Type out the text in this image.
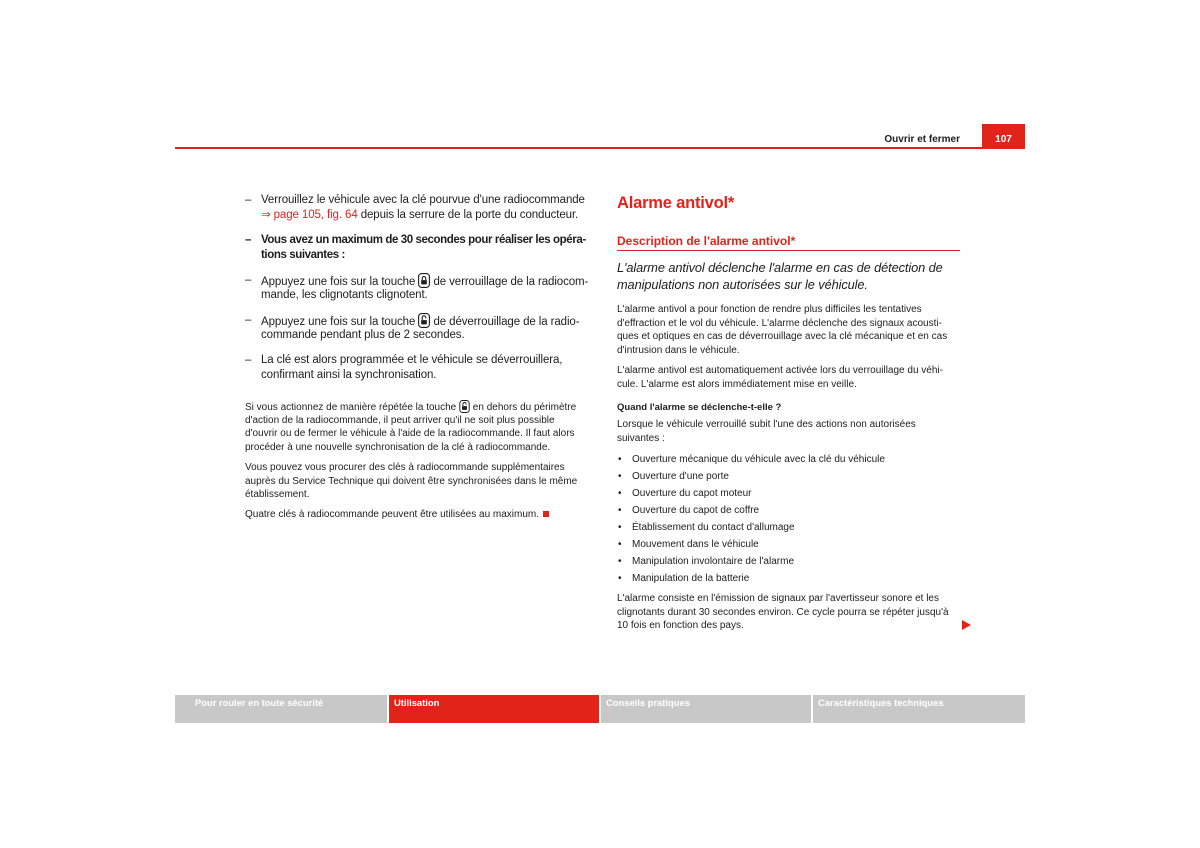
Ouvrir et fermer	107
– Verrouillez le véhicule avec la clé pourvue d'une radiocommande
⇒ page 105, fig. 64 depuis la serrure de la porte du conducteur.
– Vous avez un maximum de 30 secondes pour réaliser les opéra-
tions suivantes :
– Appuyez une fois sur la touche
de verrouillage de la radiocom-
mande, les clignotants clignotent.
– Appuyez une fois sur la touche
de déverrouillage de la radio-
commande pendant plus de 2 secondes.
– La clé est alors programmée et le véhicule se déverrouillera,
confirmant ainsi la synchronisation.
Si vous actionnez de manière répétée la touche
en dehors du périmètre
d'action de la radiocommande, il peut arriver qu'il ne soit plus possible
d'ouvrir ou de fermer le véhicule à l'aide de la radiocommande. Il faut alors
procéder à une nouvelle synchronisation de la clé à radiocommande.
Vous pouvez vous procurer des clés à radiocommande supplémentaires
auprès du Service Technique qui doivent être synchronisées dans le même
établissement.
Quatre clés à radiocommande peuvent être utilisées au maximum.
Alarme antivol*
Description de l'alarme antivol*
L'alarme antivol déclenche l'alarme en cas de détection de
manipulations non autorisées sur le véhicule.
L'alarme antivol a pour fonction de rendre plus difficiles les tentatives
d'effraction et le vol du véhicule. L'alarme déclenche des signaux acousti-
ques et optiques en cas de déverrouillage avec la clé mécanique et en cas
d'intrusion dans le véhicule.
L'alarme antivol est automatiquement activée lors du verrouillage du véhi-
cule. L'alarme est alors immédiatement mise en veille.
Quand l'alarme se déclenche-t-elle ?
Lorsque le véhicule verrouillé subit l'une des actions non autorisées
suivantes :
•	Ouverture mécanique du véhicule avec la clé du véhicule
•	Ouverture d'une porte
•	Ouverture du capot moteur
•	Ouverture du capot de coffre
•	Établissement du contact d'allumage
•	Mouvement dans le véhicule
•	Manipulation involontaire de l'alarme
•	Manipulation de la batterie
L'alarme consiste en l'émission de signaux par l'avertisseur sonore et les
clignotants durant 30 secondes environ. Ce cycle pourra se répéter jusqu'à
10 fois en fonction des pays.
Pour rouler en toute sécurité	Utilisation	Conseils pratiques	Caractéristiques techniques
